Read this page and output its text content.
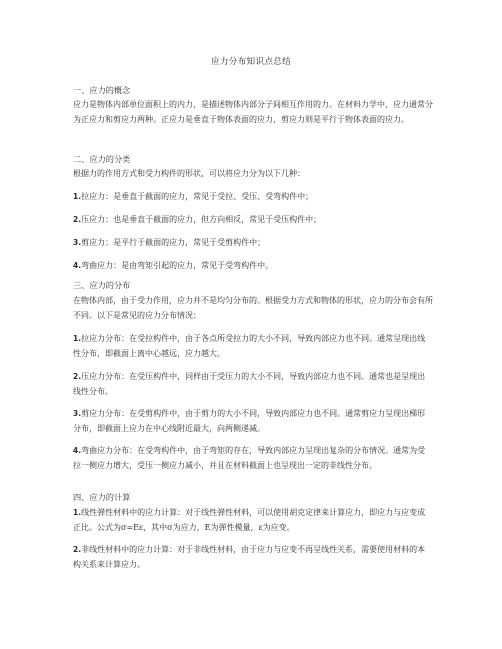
应力分布知识点总结
一、应力的概念
应力是物体内部单位面积上的内力，是描述物体内部分子间相互作用的力。在材料力学中，应力通常分为正应力和剪应力两种。正应力是垂直于物体表面的应力，剪应力则是平行于物体表面的应力。
二、应力的分类
根据力的作用方式和受力构件的形状，可以将应力分为以下几种：
1.拉应力：是垂直于截面的应力，常见于受拉、受压、受弯构件中；
2.压应力：也是垂直于截面的应力，但方向相反，常见于受压构件中；
3.剪应力：是平行于截面的应力，常见于受剪构件中；
4.弯曲应力：是由弯矩引起的应力，常见于受弯构件中。
三、应力的分布
在物体内部，由于受力作用，应力并不是均匀分布的。根据受力方式和物体的形状，应力的分布会有所不同。以下是常见的应力分布情况：
1.拉应力分布：在受拉构件中，由于各点所受拉力的大小不同，导致内部应力也不同。通常呈现出线性分布，即截面上离中心越远，应力越大。
2.压应力分布：在受压构件中，同样由于受压力的大小不同，导致内部应力也不同。通常也是呈现出线性分布。
3.剪应力分布：在受剪构件中，由于剪力的大小不同，导致内部应力也不同。通常剪应力呈现出梯形分布，即截面上应力在中心线附近最大，向两侧递减。
4.弯曲应力分布：在受弯构件中，由于弯矩的存在，导致内部应力呈现出复杂的分布情况。通常为受拉一侧应力增大，受压一侧应力减小，并且在材料截面上也呈现出一定的非线性分布。
四、应力的计算
1.线性弹性材料中的应力计算：对于线性弹性材料，可以使用胡克定律来计算应力，即应力与应变成正比。公式为σ=Eε，其中σ为应力，E为弹性模量，ε为应变。
2.非线性材料中的应力计算：对于非线性材料，由于应力与应变不再呈线性关系，需要使用材料的本构关系来计算应力。
